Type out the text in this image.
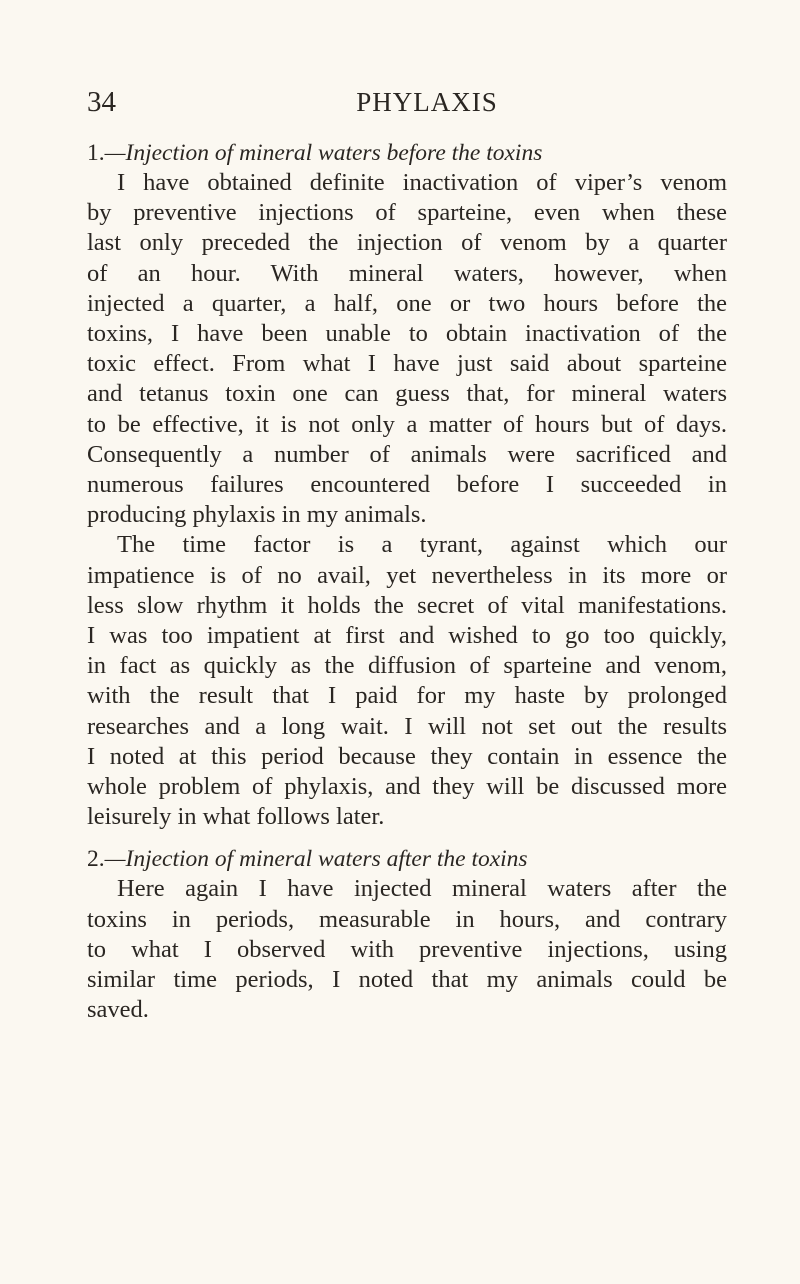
34	PHYLAXIS

1.—Injection of mineral waters before the toxins

I have obtained definite inactivation of viper’s venom
by preventive injections of sparteine, even when these
last only preceded the injection of venom by a quarter
of an hour. With mineral waters, however, when
injected a quarter, a half, one or two hours before the
toxins, I have been unable to obtain inactivation of the
toxic effect. From what I have just said about sparteine
and tetanus toxin one can guess that, for mineral waters
to be effective, it is not only a matter of hours but of days.
Consequently a number of animals were sacrificed and
numerous failures encountered before I succeeded in
producing phylaxis in my animals.
The time factor is a tyrant, against which our
impatience is of no avail, yet nevertheless in its more or
less slow rhythm it holds the secret of vital manifestations.
I was too impatient at first and wished to go too quickly,
in fact as quickly as the diffusion of sparteine and venom,
with the result that I paid for my haste by prolonged
researches and a long wait. I will not set out the results
I noted at this period because they contain in essence the
whole problem of phylaxis, and they will be discussed more
leisurely in what follows later.

2.—Injection of mineral waters after the toxins

Here again I have injected mineral waters after the
toxins in periods, measurable in hours, and contrary
to what I observed with preventive injections, using
similar time periods, I noted that my animals could be
saved.
